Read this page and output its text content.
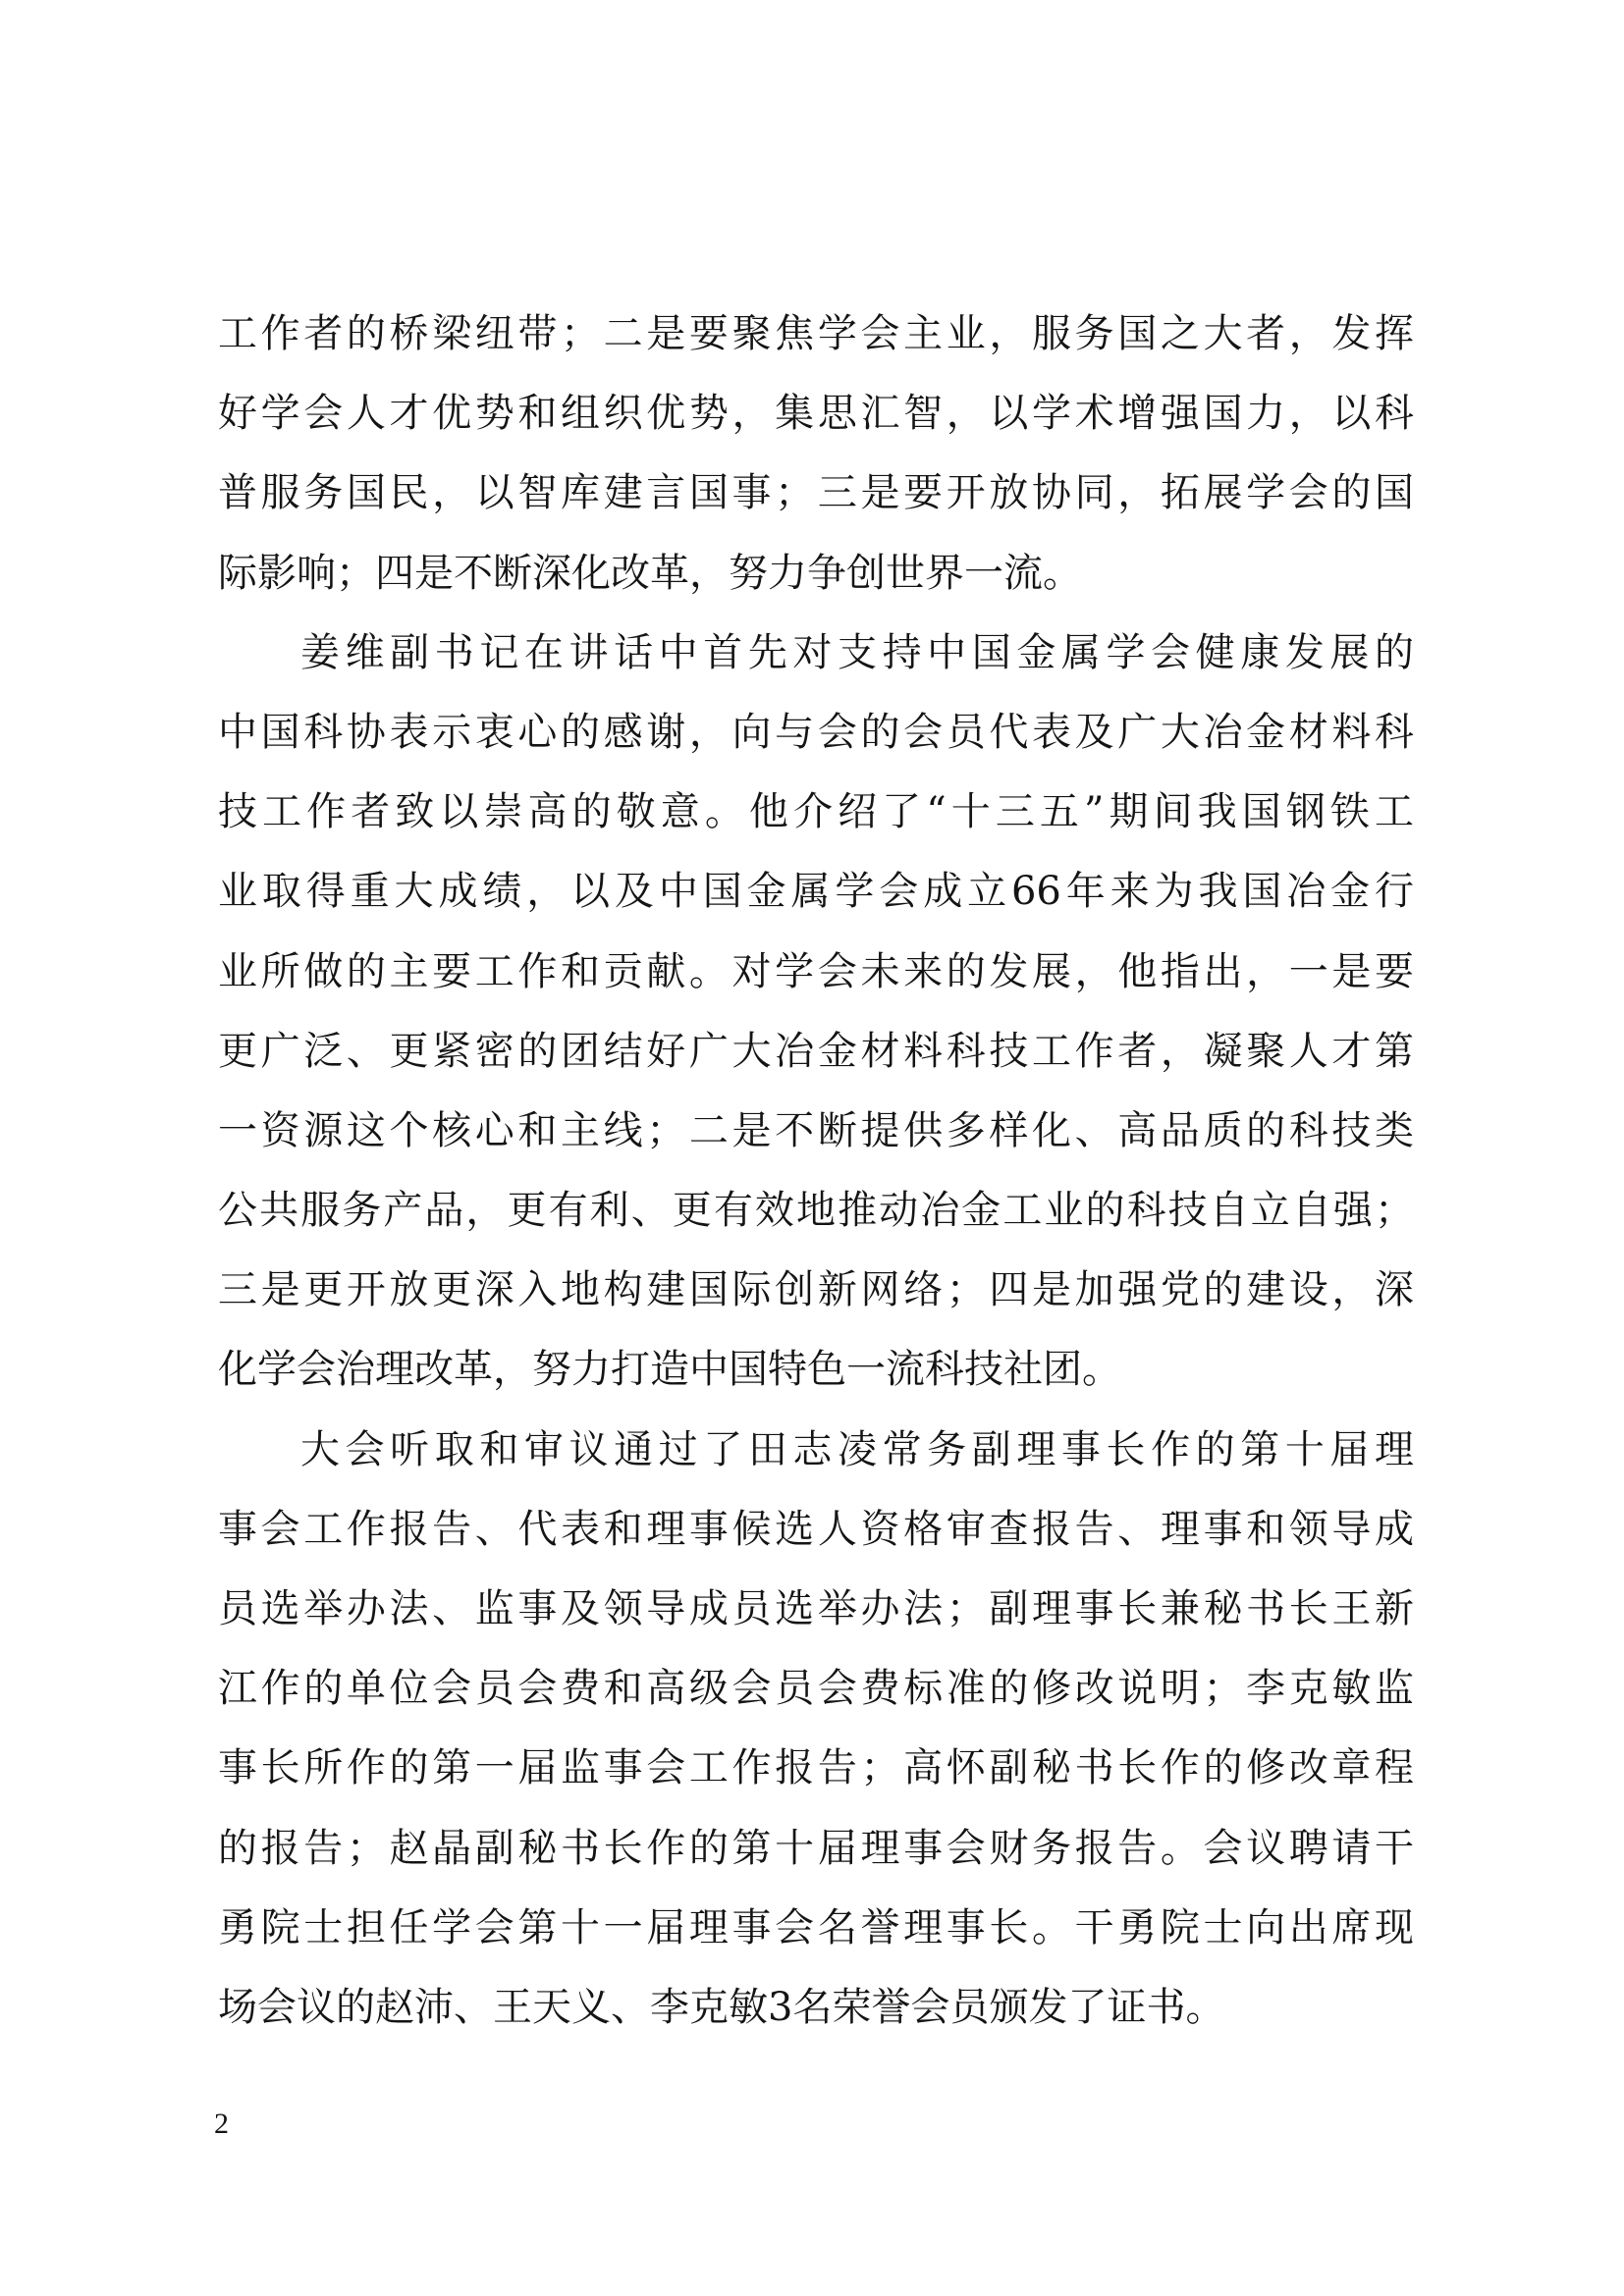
工作者的桥梁纽带；二是要聚焦学会主业，服务国之大者，发挥
好学会人才优势和组织优势，集思汇智，以学术增强国力，以科
普服务国民，以智库建言国事；三是要开放协同，拓展学会的国
际影响；四是不断深化改革，努力争创世界一流。
姜维副书记在讲话中首先对支持中国金属学会健康发展的
中国科协表示衷心的感谢，向与会的会员代表及广大冶金材料科
技工作者致以崇高的敬意。他介绍了“十三五”期间我国钢铁工
业取得重大成绩，以及中国金属学会成立66年来为我国冶金行
业所做的主要工作和贡献。对学会未来的发展，他指出，一是要
更广泛、更紧密的团结好广大冶金材料科技工作者，凝聚人才第
一资源这个核心和主线；二是不断提供多样化、高品质的科技类
公共服务产品，更有利、更有效地推动冶金工业的科技自立自强；
三是更开放更深入地构建国际创新网络；四是加强党的建设，深
化学会治理改革，努力打造中国特色一流科技社团。
大会听取和审议通过了田志凌常务副理事长作的第十届理
事会工作报告、代表和理事候选人资格审查报告、理事和领导成
员选举办法、监事及领导成员选举办法；副理事长兼秘书长王新
江作的单位会员会费和高级会员会费标准的修改说明；李克敏监
事长所作的第一届监事会工作报告；高怀副秘书长作的修改章程
的报告；赵晶副秘书长作的第十届理事会财务报告。会议聘请干
勇院士担任学会第十一届理事会名誉理事长。干勇院士向出席现
场会议的赵沛、王天义、李克敏3名荣誉会员颁发了证书。
2
